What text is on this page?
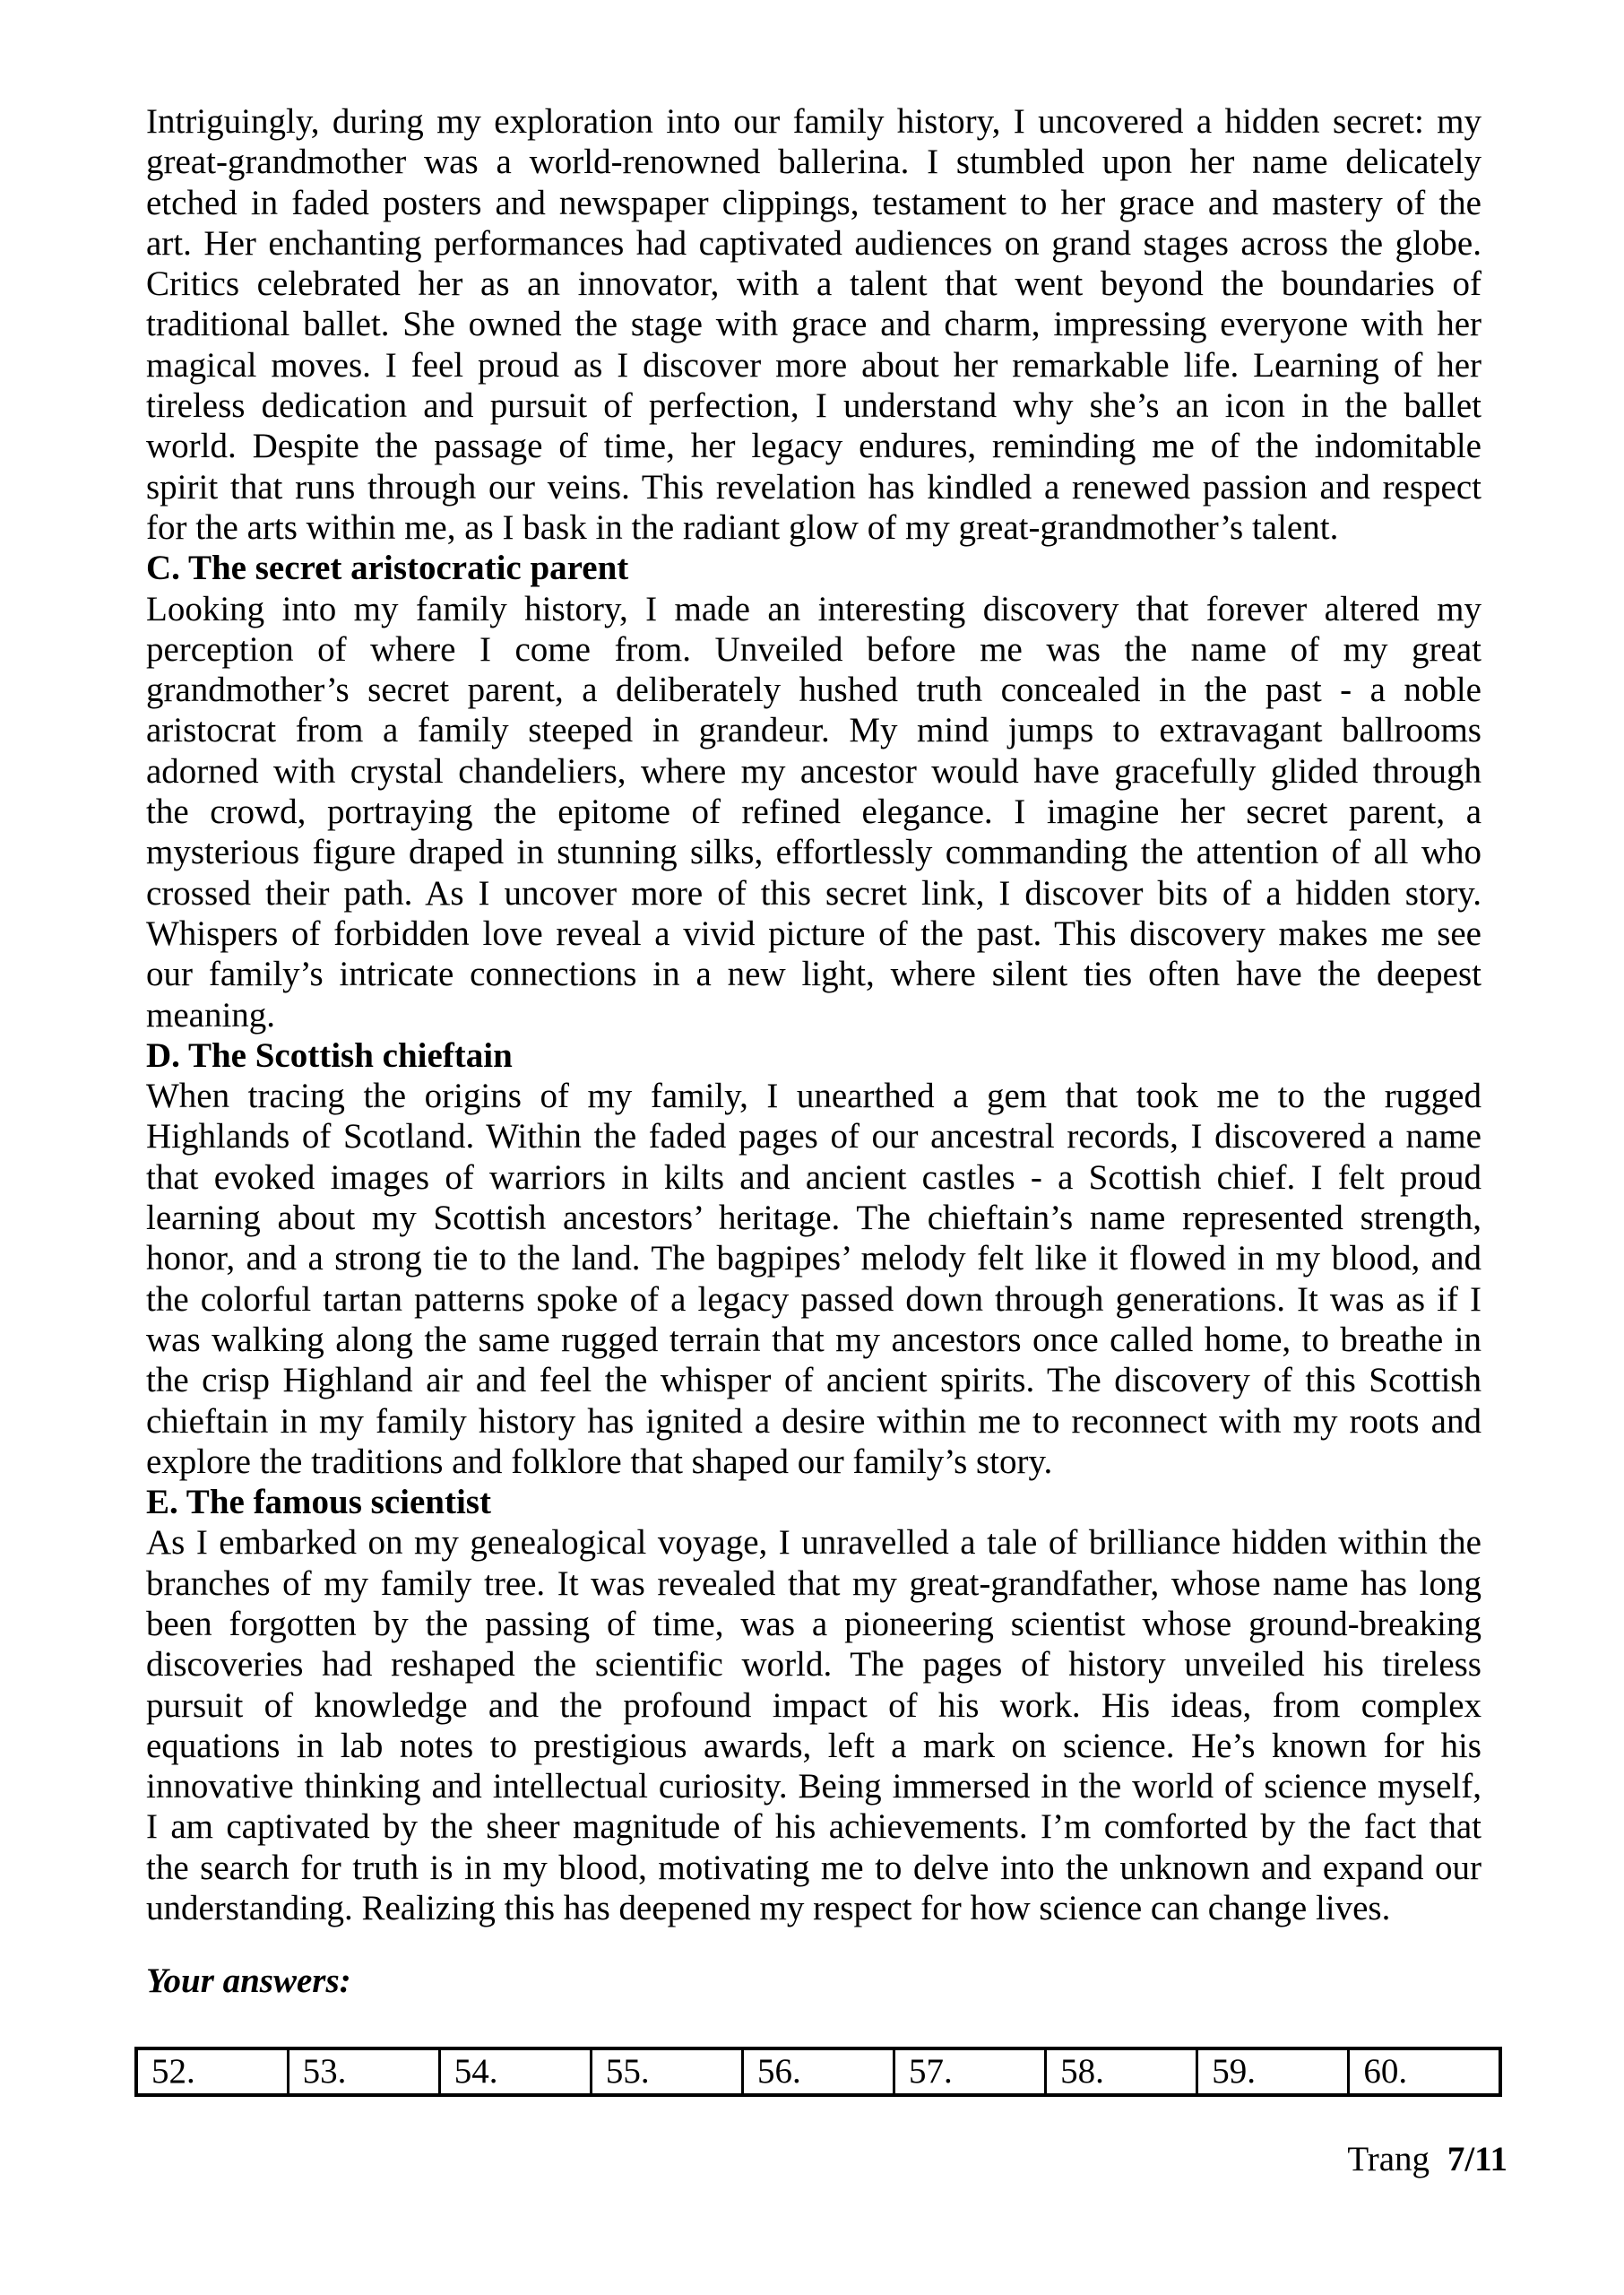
Intriguingly, during my exploration into our family history, I uncovered a hidden secret: my
great-grandmother was a world-renowned ballerina. I stumbled upon her name delicately
etched in faded posters and newspaper clippings, testament to her grace and mastery of the
art. Her enchanting performances had captivated audiences on grand stages across the globe.
Critics celebrated her as an innovator, with a talent that went beyond the boundaries of
traditional ballet. She owned the stage with grace and charm, impressing everyone with her
magical moves. I feel proud as I discover more about her remarkable life. Learning of her
tireless dedication and pursuit of perfection, I understand why she’s an icon in the ballet
world. Despite the passage of time, her legacy endures, reminding me of the indomitable
spirit that runs through our veins. This revelation has kindled a renewed passion and respect
for the arts within me, as I bask in the radiant glow of my great-grandmother’s talent.
C. The secret aristocratic parent
Looking into my family history, I made an interesting discovery that forever altered my
perception of where I come from. Unveiled before me was the name of my great
grandmother’s secret parent, a deliberately hushed truth concealed in the past - a noble
aristocrat from a family steeped in grandeur. My mind jumps to extravagant ballrooms
adorned with crystal chandeliers, where my ancestor would have gracefully glided through
the crowd, portraying the epitome of refined elegance. I imagine her secret parent, a
mysterious figure draped in stunning silks, effortlessly commanding the attention of all who
crossed their path. As I uncover more of this secret link, I discover bits of a hidden story.
Whispers of forbidden love reveal a vivid picture of the past. This discovery makes me see
our family’s intricate connections in a new light, where silent ties often have the deepest
meaning.
D. The Scottish chieftain
When tracing the origins of my family, I unearthed a gem that took me to the rugged
Highlands of Scotland. Within the faded pages of our ancestral records, I discovered a name
that evoked images of warriors in kilts and ancient castles - a Scottish chief. I felt proud
learning about my Scottish ancestors’ heritage. The chieftain’s name represented strength,
honor, and a strong tie to the land. The bagpipes’ melody felt like it flowed in my blood, and
the colorful tartan patterns spoke of a legacy passed down through generations. It was as if I
was walking along the same rugged terrain that my ancestors once called home, to breathe in
the crisp Highland air and feel the whisper of ancient spirits. The discovery of this Scottish
chieftain in my family history has ignited a desire within me to reconnect with my roots and
explore the traditions and folklore that shaped our family’s story.
E. The famous scientist
As I embarked on my genealogical voyage, I unravelled a tale of brilliance hidden within the
branches of my family tree. It was revealed that my great-grandfather, whose name has long
been forgotten by the passing of time, was a pioneering scientist whose ground-breaking
discoveries had reshaped the scientific world. The pages of history unveiled his tireless
pursuit of knowledge and the profound impact of his work. His ideas, from complex
equations in lab notes to prestigious awards, left a mark on science. He’s known for his
innovative thinking and intellectual curiosity. Being immersed in the world of science myself,
I am captivated by the sheer magnitude of his achievements. I’m comforted by the fact that
the search for truth is in my blood, motivating me to delve into the unknown and expand our
understanding. Realizing this has deepened my respect for how science can change lives.
Your answers:
52.	53.	54.	55.	56.	57.	58.	59.	60.
Trang 7/11
